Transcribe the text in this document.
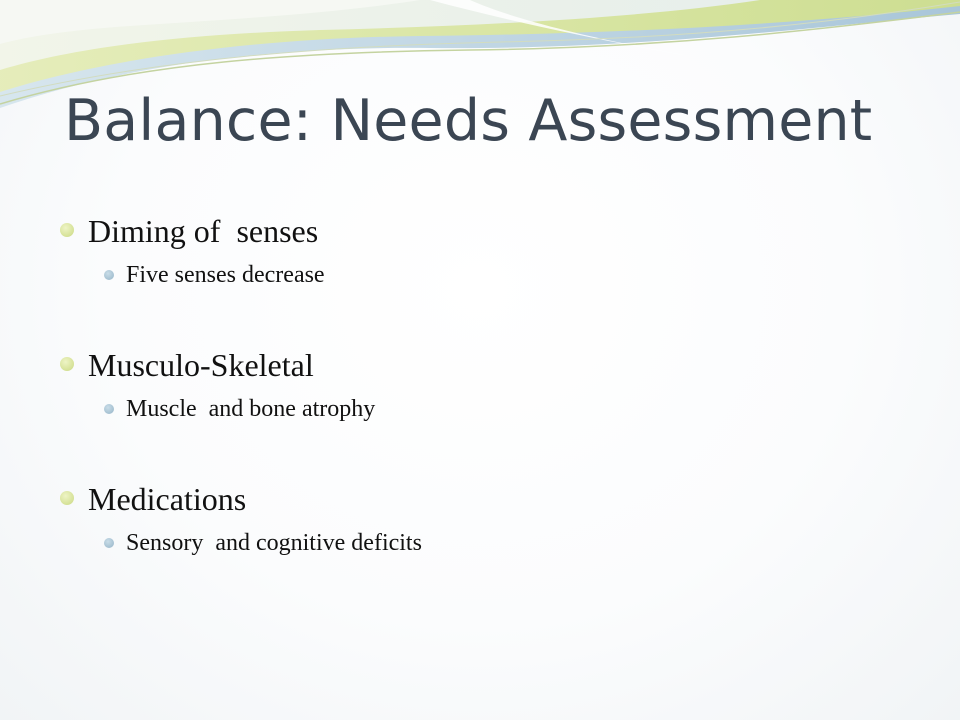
Balance: Needs Assessment
Diming of  senses
Five senses decrease
Musculo-Skeletal
Muscle  and bone atrophy
Medications
Sensory  and cognitive deficits
